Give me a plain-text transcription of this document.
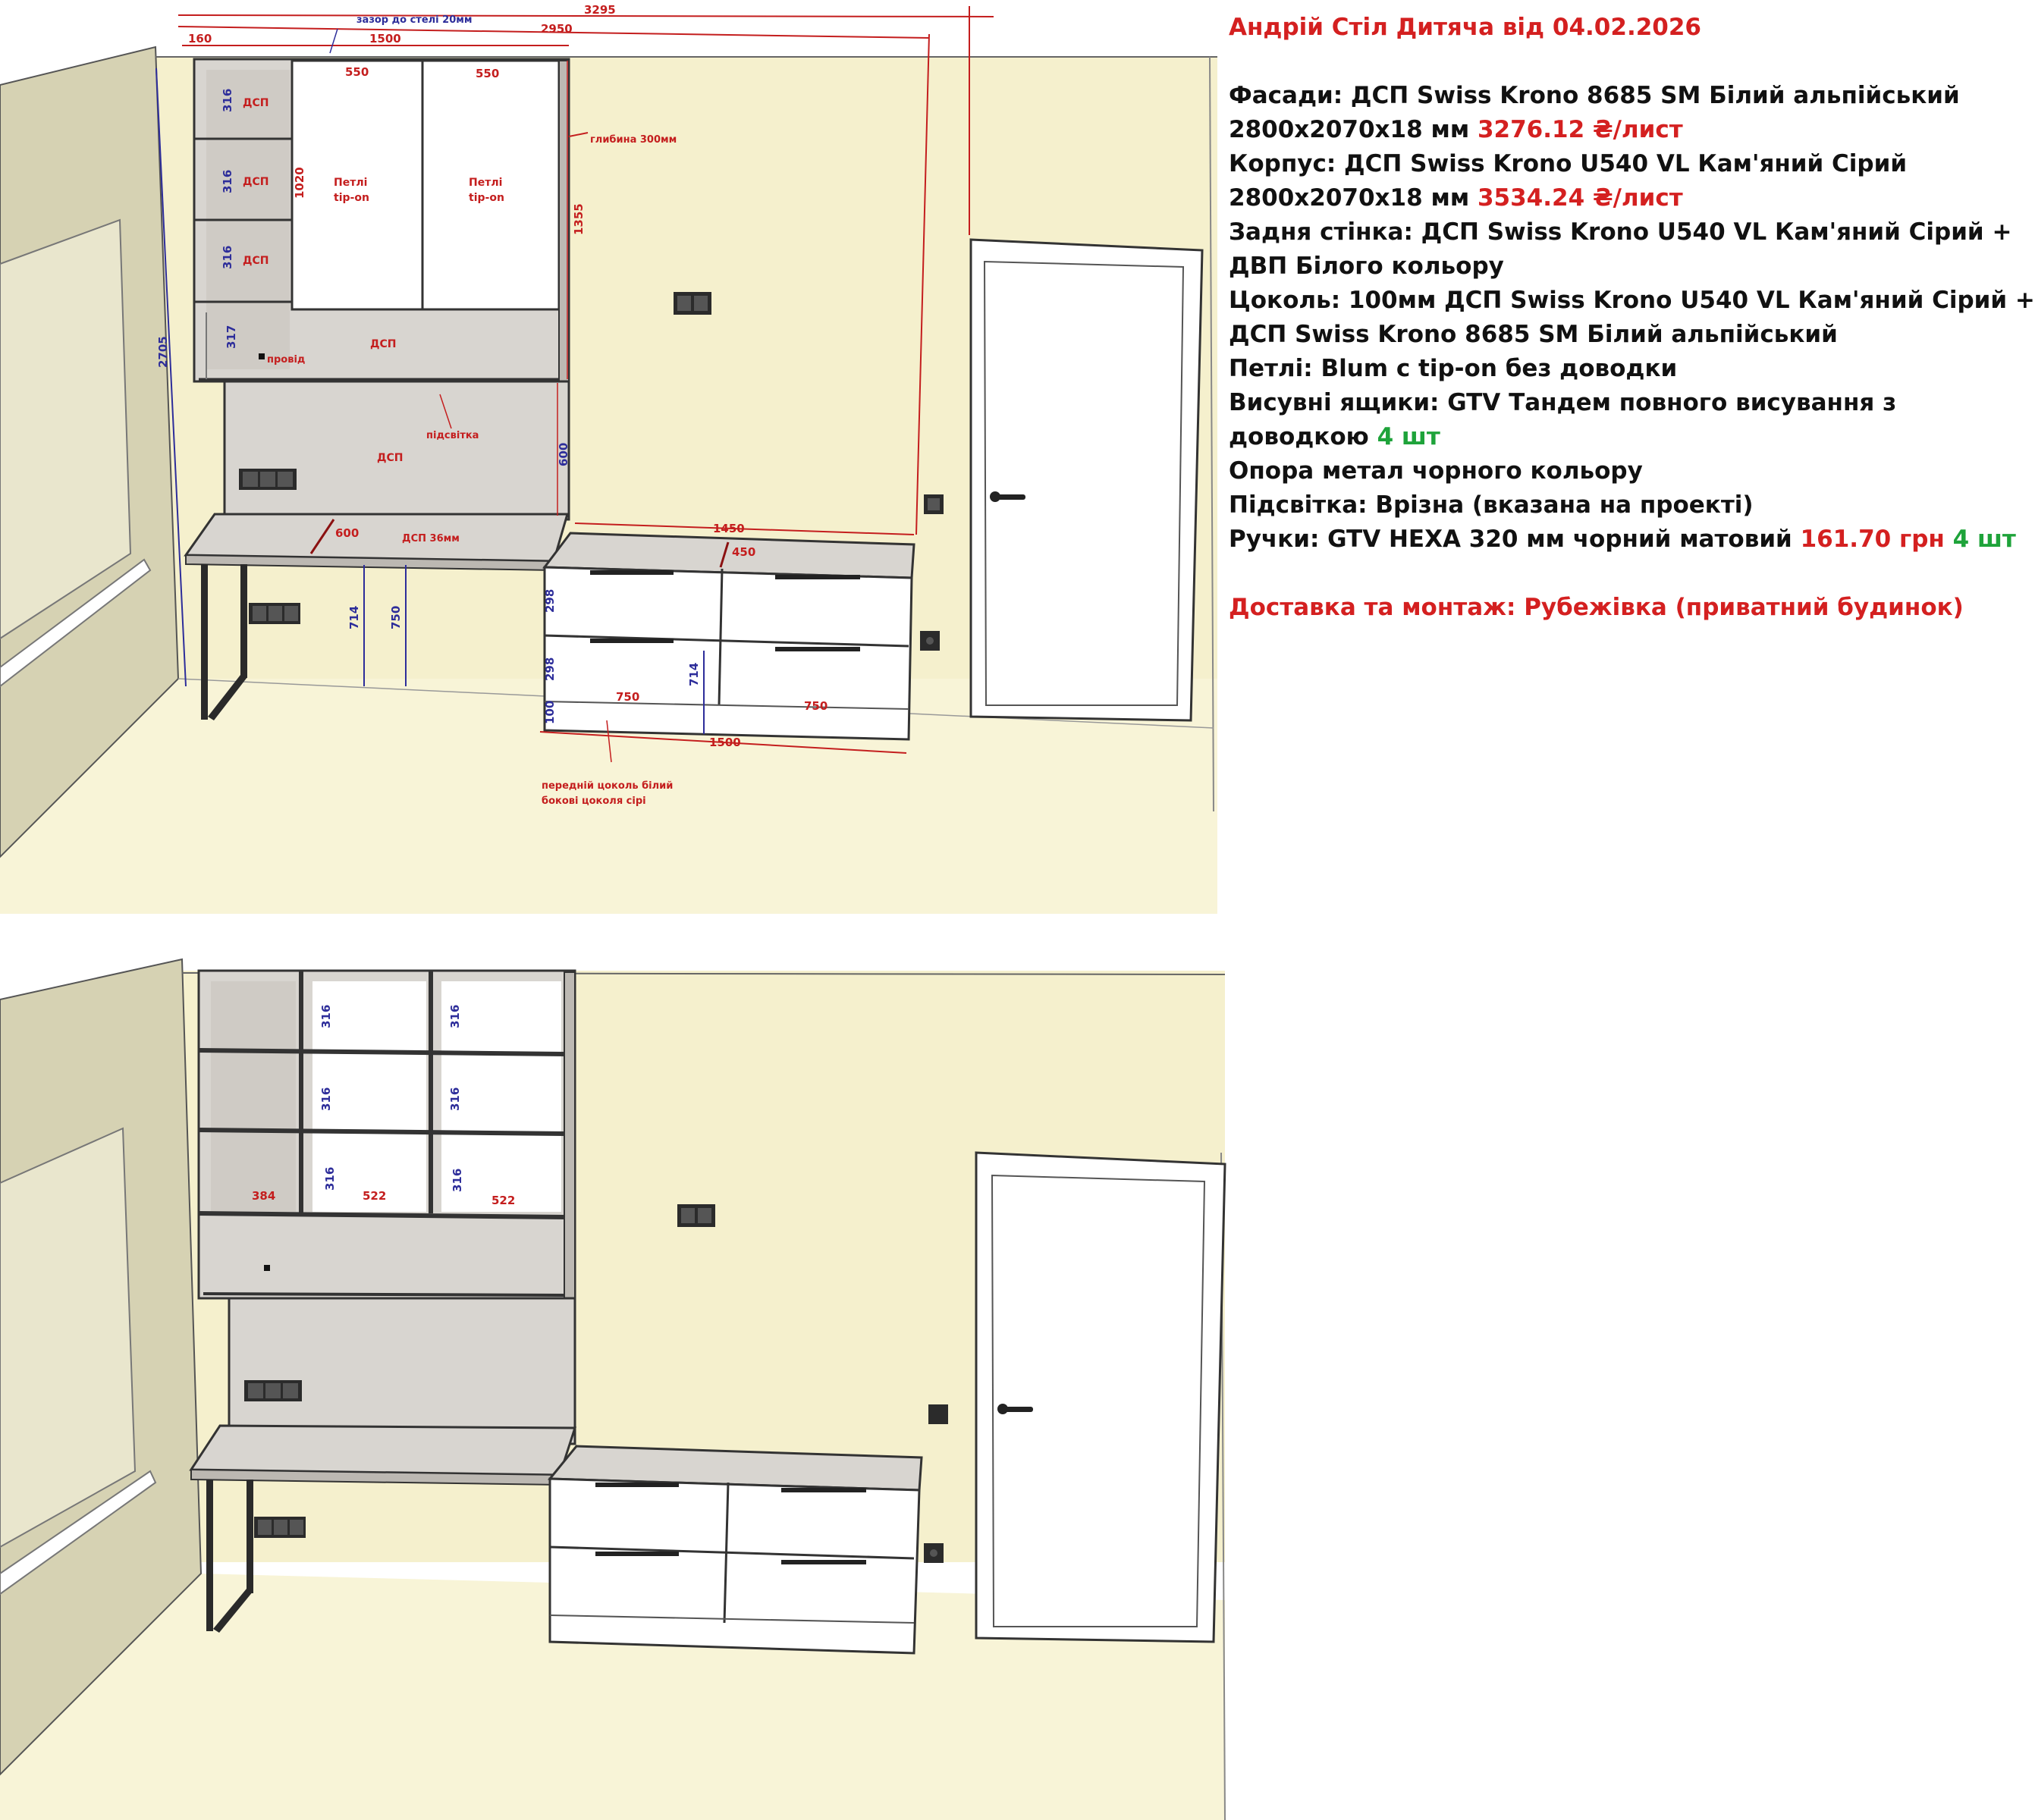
3295
зазор до стелі 20мм
2950
160	1500
550	550
глибина 300мм
1355
1020
2705
316
316
316
317
600
600	ДСП 36мм
714 750
1450
450
298
298	714
100
750
750
1500
ДСП
ДСП
ДСП
ДСП
ДСП
Петлі
tip-on
Петлі
tip-on
провід
підсвітка
передній цоколь білий
бокові цоколя сірі
384	522	522
316
316
316
316
316
316
Андрій Стіл Дитяча від 04.02.2026
Фасади: ДСП Swiss Krono 8685 SM Білий альпійський
2800x2070x18 мм 3276.12 ₴/лист
Корпус: ДСП Swiss Krono U540 VL Кам'яний Сірий
2800x2070x18 мм 3534.24 ₴/лист
Задня стінка: ДСП Swiss Krono U540 VL Кам'яний Сірий +
ДВП Білого кольору
Цоколь: 100мм ДСП Swiss Krono U540 VL Кам'яний Сірий +
ДСП Swiss Krono 8685 SM Білий альпійський
Петлі: Blum c tip-on без доводки
Висувні ящики: GTV Тандем повного висування з
доводкою 4 шт
Опора метал чорного кольору
Підсвітка: Врізна (вказана на проекті)
Ручки: GTV HEXA 320 мм чорний матовий 161.70 грн 4 шт
Доставка та монтаж: Рубежівка (приватний будинок)
